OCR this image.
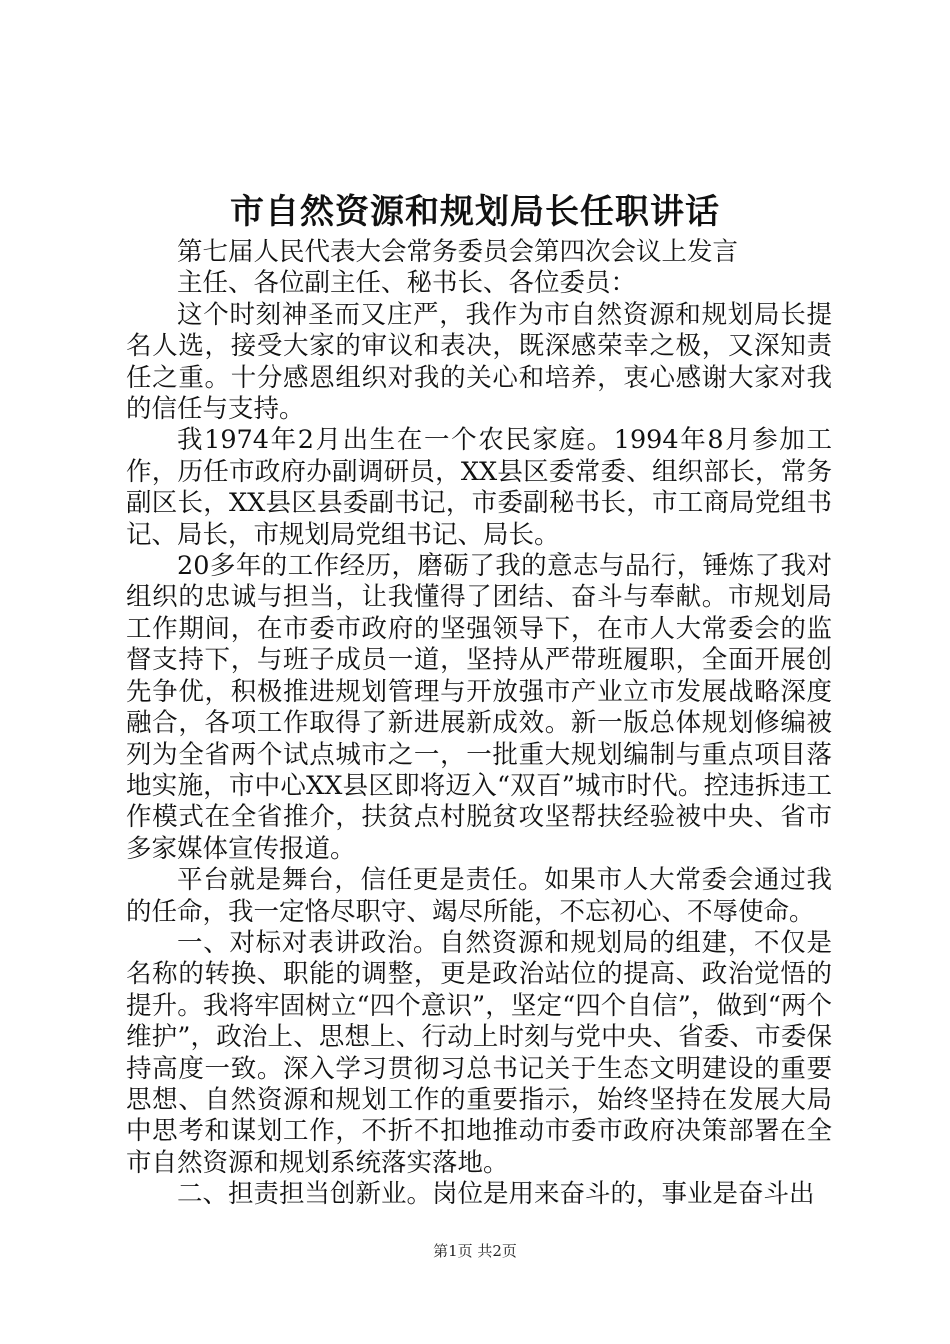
市自然资源和规划局长任职讲话

第七届人民代表大会常务委员会第四次会议上发言

主任、各位副主任、秘书长、各位委员：

这个时刻神圣而又庄严，我作为市自然资源和规划局长提名人选，接受大家的审议和表决，既深感荣幸之极，又深知责任之重。十分感恩组织对我的关心和培养，衷心感谢大家对我的信任与支持。

我1974年2月出生在一个农民家庭。1994年8月参加工作，历任市政府办副调研员，XX县区委常委、组织部长，常务副区长，XX县区县委副书记，市委副秘书长，市工商局党组书记、局长，市规划局党组书记、局长。

20多年的工作经历，磨砺了我的意志与品行，锤炼了我对组织的忠诚与担当，让我懂得了团结、奋斗与奉献。市规划局工作期间，在市委市政府的坚强领导下，在市人大常委会的监督支持下，与班子成员一道，坚持从严带班履职，全面开展创先争优，积极推进规划管理与开放强市产业立市发展战略深度融合，各项工作取得了新进展新成效。新一版总体规划修编被列为全省两个试点城市之一，一批重大规划编制与重点项目落地实施，市中心XX县区即将迈入“双百”城市时代。控违拆违工作模式在全省推介，扶贫点村脱贫攻坚帮扶经验被中央、省市多家媒体宣传报道。

平台就是舞台，信任更是责任。如果市人大常委会通过我的任命，我一定恪尽职守、竭尽所能，不忘初心、不辱使命。

一、对标对表讲政治。自然资源和规划局的组建，不仅是名称的转换、职能的调整，更是政治站位的提高、政治觉悟的提升。我将牢固树立“四个意识”，坚定“四个自信”，做到“两个维护”，政治上、思想上、行动上时刻与党中央、省委、市委保持高度一致。深入学习贯彻习总书记关于生态文明建设的重要思想、自然资源和规划工作的重要指示，始终坚持在发展大局中思考和谋划工作，不折不扣地推动市委市政府决策部署在全市自然资源和规划系统落实落地。

二、担责担当创新业。岗位是用来奋斗的，事业是奋斗出

第1页 共2页
